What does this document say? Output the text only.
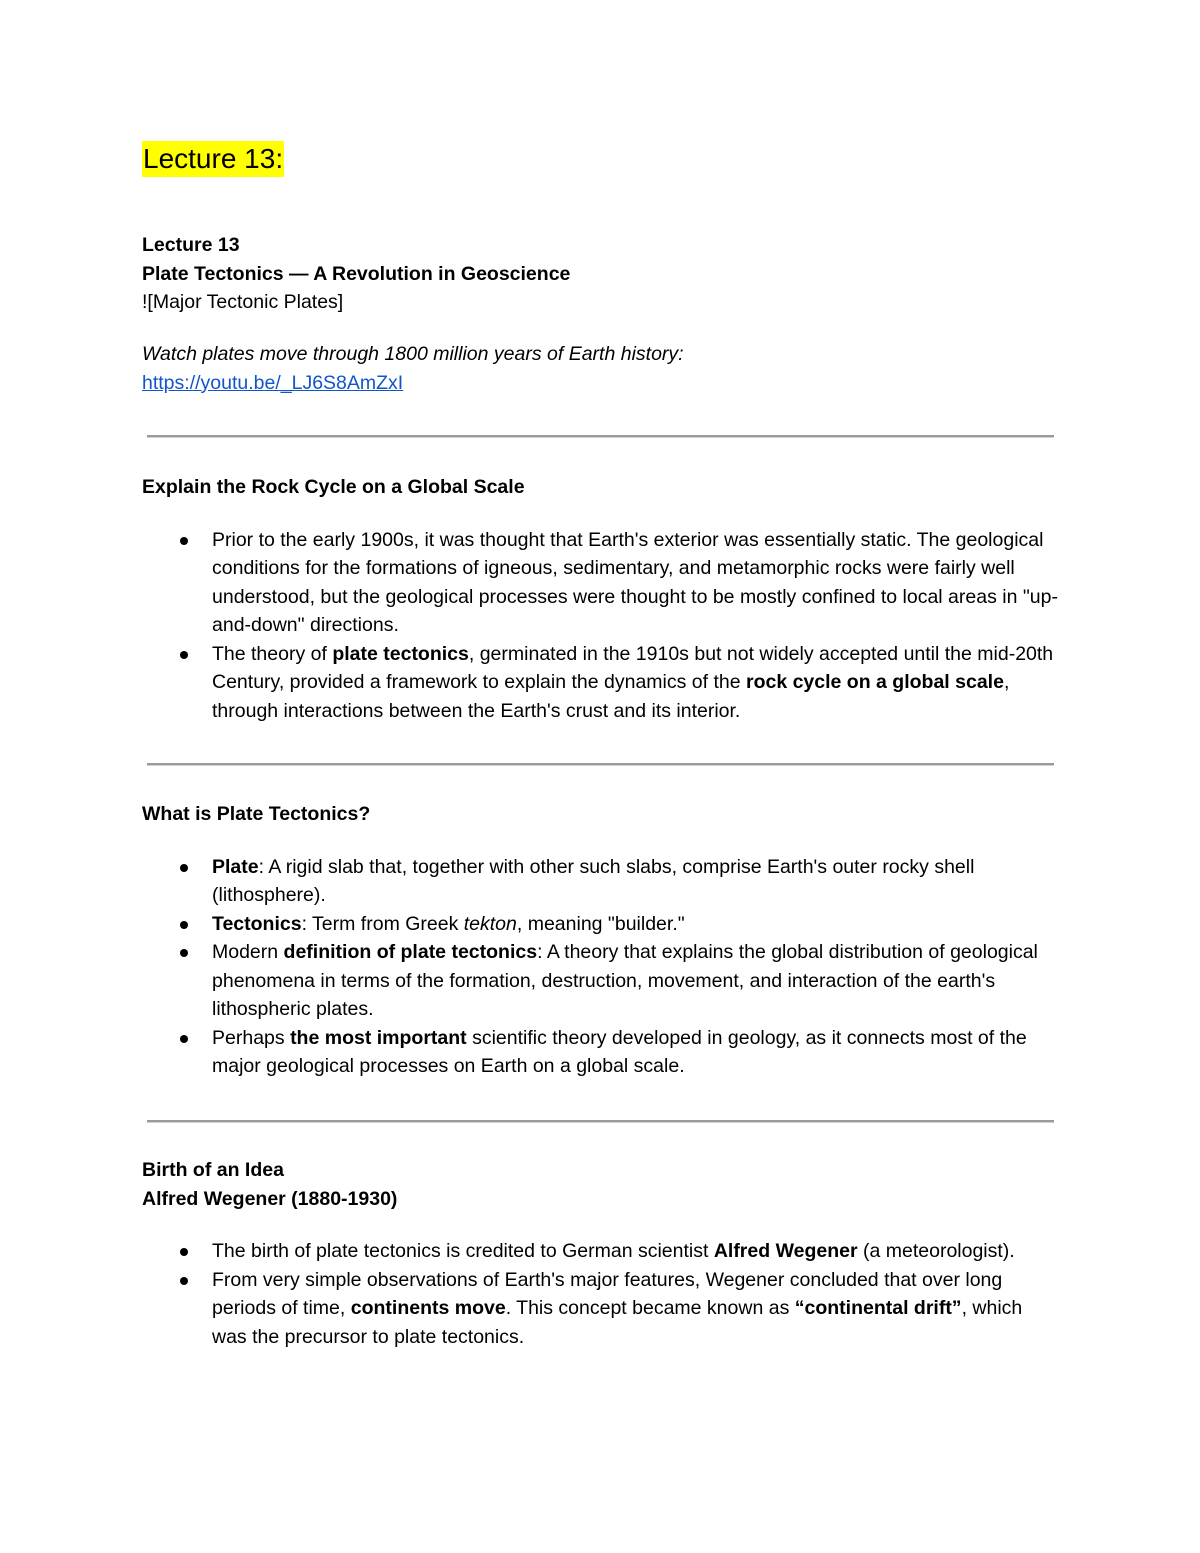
Lecture 13:

Lecture 13

Plate Tectonics — A Revolution in Geoscience

![Major Tectonic Plates]

Watch plates move through 1800 million years of Earth history:

https://youtu.be/_LJ6S8AmZxI

Explain the Rock Cycle on a Global Scale

Prior to the early 1900s, it was thought that Earth's exterior was essentially static. The geological conditions for the formations of igneous, sedimentary, and metamorphic rocks were fairly well understood, but the geological processes were thought to be mostly confined to local areas in "up-and-down" directions.
The theory of plate tectonics, germinated in the 1910s but not widely accepted until the mid-20th Century, provided a framework to explain the dynamics of the rock cycle on a global scale, through interactions between the Earth's crust and its interior.

What is Plate Tectonics?

Plate: A rigid slab that, together with other such slabs, comprise Earth's outer rocky shell (lithosphere).
Tectonics: Term from Greek tekton, meaning "builder."
Modern definition of plate tectonics: A theory that explains the global distribution of geological phenomena in terms of the formation, destruction, movement, and interaction of the earth's lithospheric plates.
Perhaps the most important scientific theory developed in geology, as it connects most of the major geological processes on Earth on a global scale.

Birth of an Idea

Alfred Wegener (1880-1930)

The birth of plate tectonics is credited to German scientist Alfred Wegener (a meteorologist).
From very simple observations of Earth's major features, Wegener concluded that over long periods of time, continents move. This concept became known as “continental drift”, which was the precursor to plate tectonics.
